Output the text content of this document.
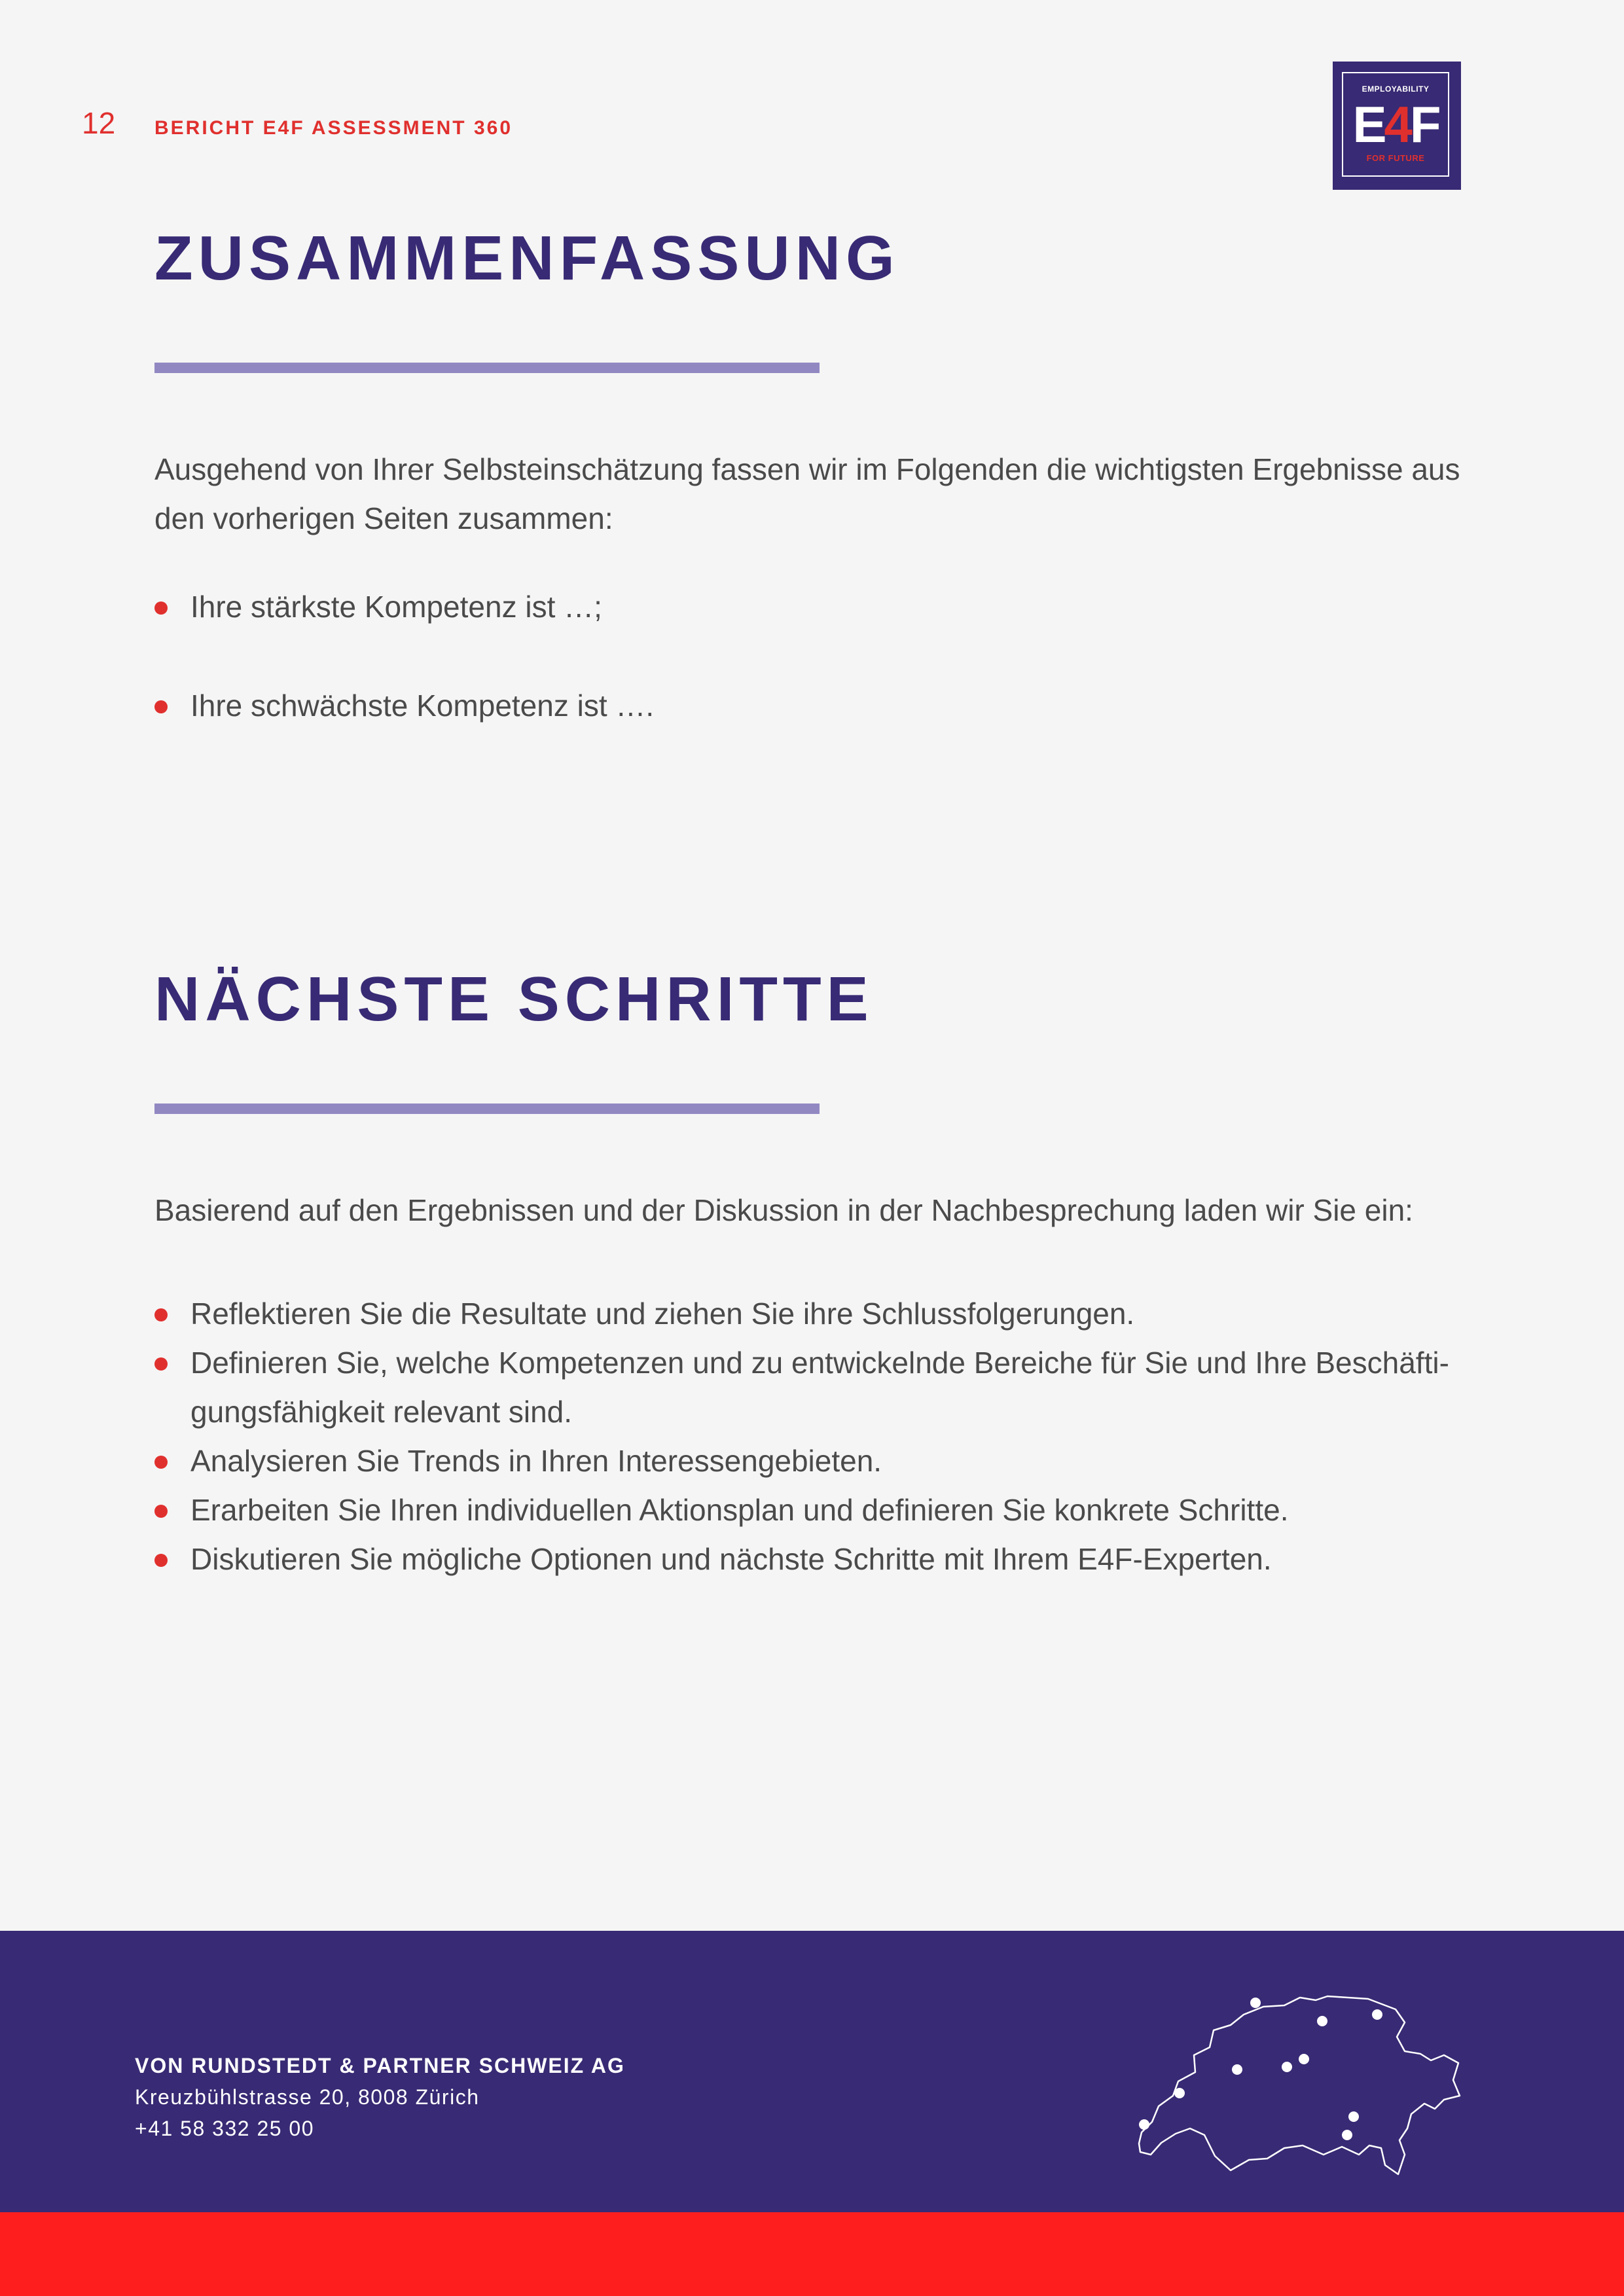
12 BERICHT E4F ASSESSMENT 360
EMPLOYABILITY
E4F
FOR FUTURE
ZUSAMMENFASSUNG

Ausgehend von Ihrer Selbsteinschätzung fassen wir im Folgenden die wichtigsten Ergebnisse aus den vorherigen Seiten zusammen:

Ihre stärkste Kompetenz ist …;
Ihre schwächste Kompetenz ist ….
NÄCHSTE SCHRITTE

Basierend auf den Ergebnissen und der Diskussion in der Nachbesprechung laden wir Sie ein:

Reflektieren Sie die Resultate und ziehen Sie ihre Schlussfolgerungen.
Definieren Sie, welche Kompetenzen und zu entwickelnde Bereiche für Sie und Ihre Beschäfti-gungsfähigkeit relevant sind.
Analysieren Sie Trends in Ihren Interessengebieten.
Erarbeiten Sie Ihren individuellen Aktionsplan und definieren Sie konkrete Schritte.
Diskutieren Sie mögliche Optionen und nächste Schritte mit Ihrem E4F-Experten.
VON RUNDSTEDT & PARTNER SCHWEIZ AG
Kreuzbühlstrasse 20, 8008 Zürich
+41 58 332 25 00
